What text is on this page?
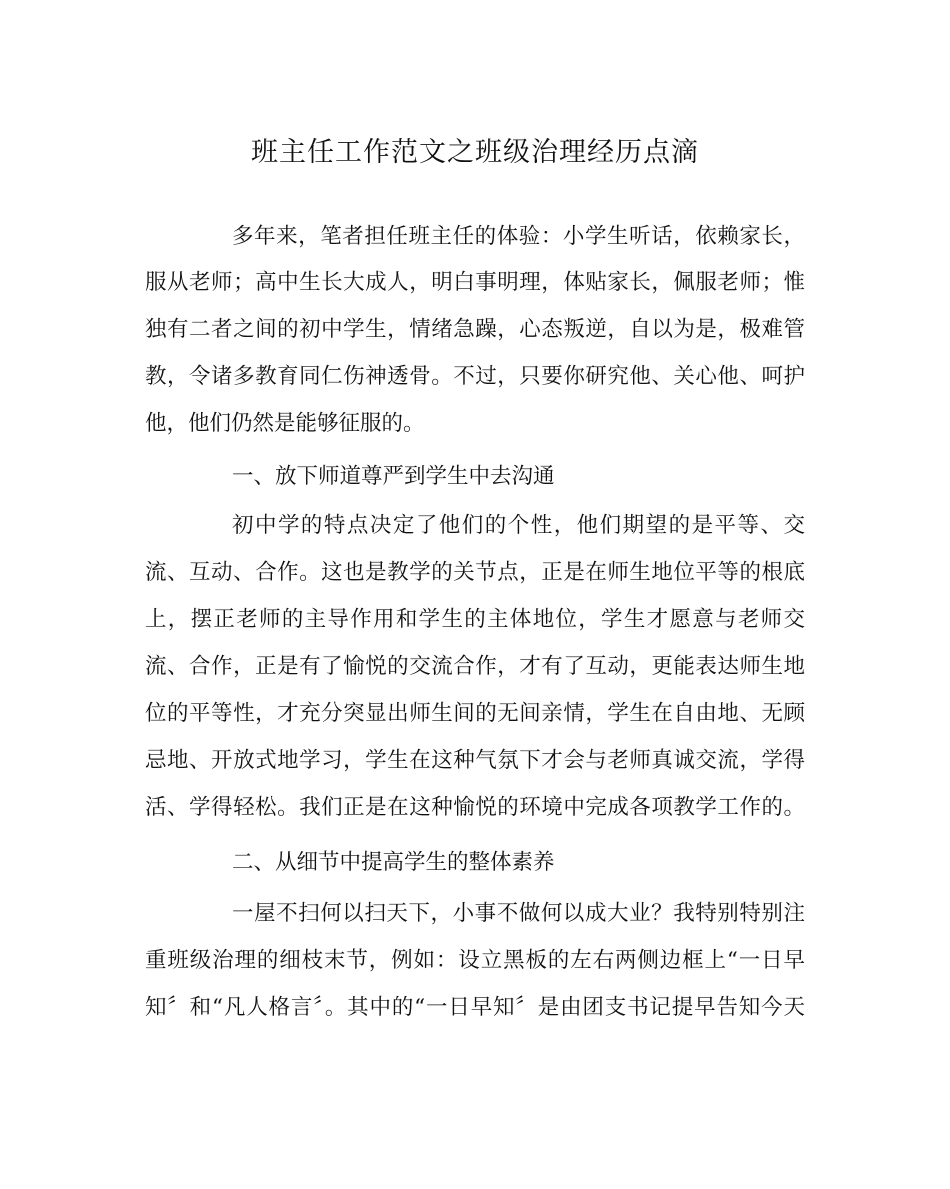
班主任工作范文之班级治理经历点滴

多年来，笔者担任班主任的体验：小学生听话，依赖家长，

服从老师；高中生长大成人，明白事明理，体贴家长，佩服老师；惟

独有二者之间的初中学生，情绪急躁，心态叛逆，自以为是，极难管

教，令诸多教育同仁伤神透骨。不过，只要你研究他、关心他、呵护

他，他们仍然是能够征服的。

一、放下师道尊严到学生中去沟通

初中学的特点决定了他们的个性，他们期望的是平等、交

流、互动、合作。这也是教学的关节点，正是在师生地位平等的根底

上，摆正老师的主导作用和学生的主体地位，学生才愿意与老师交

流、合作，正是有了愉悦的交流合作，才有了互动，更能表达师生地

位的平等性，才充分突显出师生间的无间亲情，学生在自由地、无顾

忌地、开放式地学习，学生在这种气氛下才会与老师真诚交流，学得

活、学得轻松。我们正是在这种愉悦的环境中完成各项教学工作的。

二、从细节中提高学生的整体素养

一屋不扫何以扫天下，小事不做何以成大业？我特别特别注

重班级治理的细枝末节，例如：设立黑板的左右两侧边框上“一日早

知〞和“凡人格言〞。其中的“一日早知〞是由团支书记提早告知今天
